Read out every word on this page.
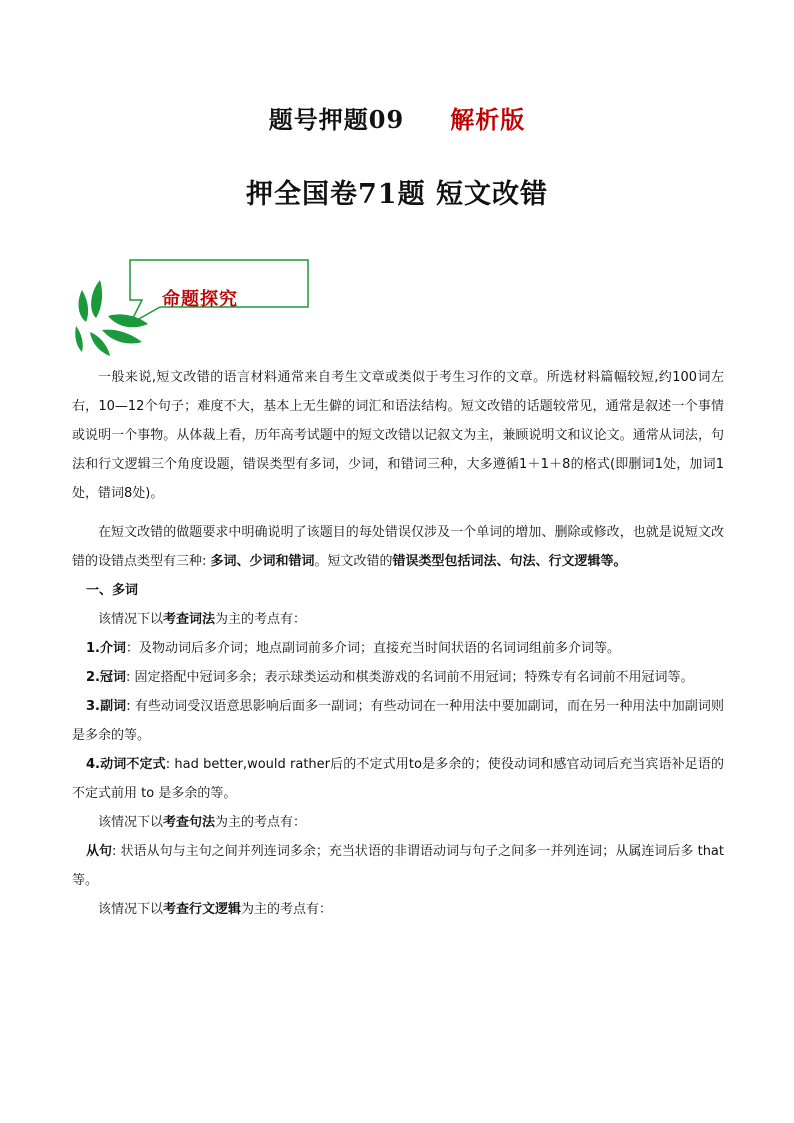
题号押题09 解析版
押全国卷71题 短文改错
命题探究

一般来说,短文改错的语言材料通常来自考生文章或类似于考生习作的文章。所选材料篇幅较短,约100词左右，10—12个句子；难度不大，基本上无生僻的词汇和语法结构。短文改错的话题较常见，通常是叙述一个事情或说明一个事物。从体裁上看，历年高考试题中的短文改错以记叙文为主，兼顾说明文和议论文。通常从词法，句法和行文逻辑三个角度设题，错误类型有多词，少词，和错词三种，大多遵循1＋1＋8的格式(即删词1处，加词1处，错词8处)。

在短文改错的做题要求中明确说明了该题目的每处错误仅涉及一个单词的增加、删除或修改，也就是说短文改错的设错点类型有三种: 多词、少词和错词。短文改错的错误类型包括词法、句法、行文逻辑等。

一、多词

该情况下以考查词法为主的考点有：

1.介词：及物动词后多介词；地点副词前多介词；直接充当时间状语的名词词组前多介词等。

2.冠词: 固定搭配中冠词多余；表示球类运动和棋类游戏的名词前不用冠词；特殊专有名词前不用冠词等。

3.副词: 有些动词受汉语意思影响后面多一副词；有些动词在一种用法中要加副词，而在另一种用法中加副词则是多余的等。

4.动词不定式: had better,would rather后的不定式用to是多余的；使役动词和感官动词后充当宾语补足语的不定式前用 to 是多余的等。

该情况下以考查句法为主的考点有：

从句: 状语从句与主句之间并列连词多余；充当状语的非谓语动词与句子之间多一并列连词；从属连词后多 that等。

该情况下以考查行文逻辑为主的考点有：
